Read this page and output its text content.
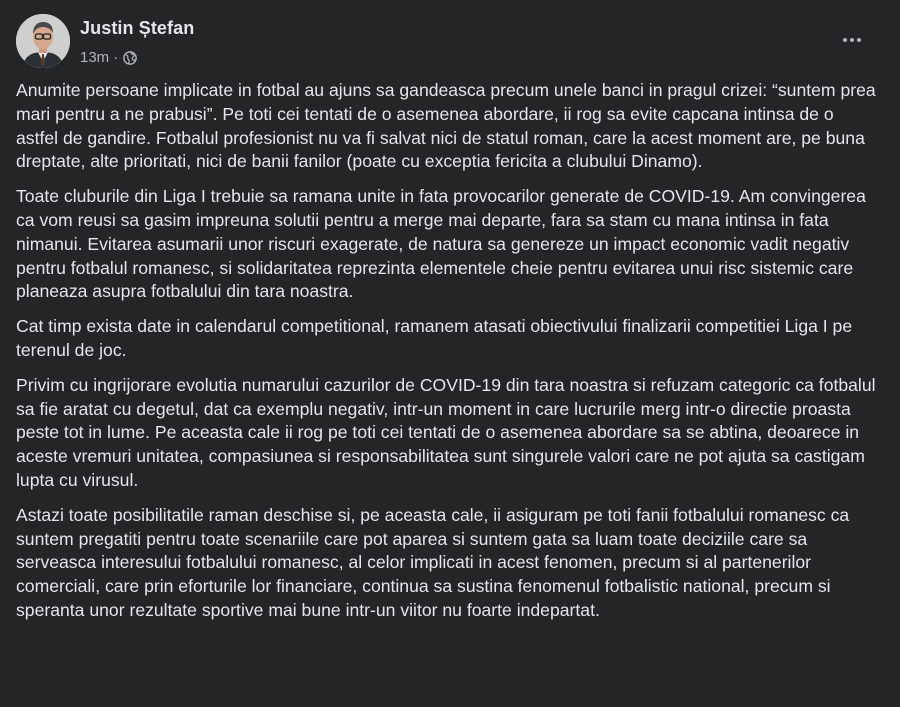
Justin Ștefan
13m ·

Anumite persoane implicate in fotbal au ajuns sa gandeasca precum unele banci in pragul crizei: “suntem prea mari pentru a ne prabusi”. Pe toti cei tentati de o asemenea abordare, ii rog sa evite capcana intinsa de o astfel de gandire. Fotbalul profesionist nu va fi salvat nici de statul roman, care la acest moment are, pe buna dreptate, alte prioritati, nici de banii fanilor (poate cu exceptia fericita a clubului Dinamo).

Toate cluburile din Liga I trebuie sa ramana unite in fata provocarilor generate de COVID-19. Am convingerea ca vom reusi sa gasim impreuna solutii pentru a merge mai departe, fara sa stam cu mana intinsa in fata nimanui. Evitarea asumarii unor riscuri exagerate, de natura sa genereze un impact economic vadit negativ pentru fotbalul romanesc, si solidaritatea reprezinta elementele cheie pentru evitarea unui risc sistemic care planeaza asupra fotbalului din tara noastra.

Cat timp exista date in calendarul competitional, ramanem atasati obiectivului finalizarii competitiei Liga I pe terenul de joc.

Privim cu ingrijorare evolutia numarului cazurilor de COVID-19 din tara noastra si refuzam categoric ca fotbalul sa fie aratat cu degetul, dat ca exemplu negativ, intr-un moment in care lucrurile merg intr-o directie proasta peste tot in lume. Pe aceasta cale ii rog pe toti cei tentati de o asemenea abordare sa se abtina, deoarece in aceste vremuri unitatea, compasiunea si responsabilitatea sunt singurele valori care ne pot ajuta sa castigam lupta cu virusul.

Astazi toate posibilitatile raman deschise si, pe aceasta cale, ii asiguram pe toti fanii fotbalului romanesc ca suntem pregatiti pentru toate scenariile care pot aparea si suntem gata sa luam toate deciziile care sa serveasca interesului fotbalului romanesc, al celor implicati in acest fenomen, precum si al partenerilor comerciali, care prin eforturile lor financiare, continua sa sustina fenomenul fotbalistic national, precum si speranta unor rezultate sportive mai bune intr-un viitor nu foarte indepartat.
